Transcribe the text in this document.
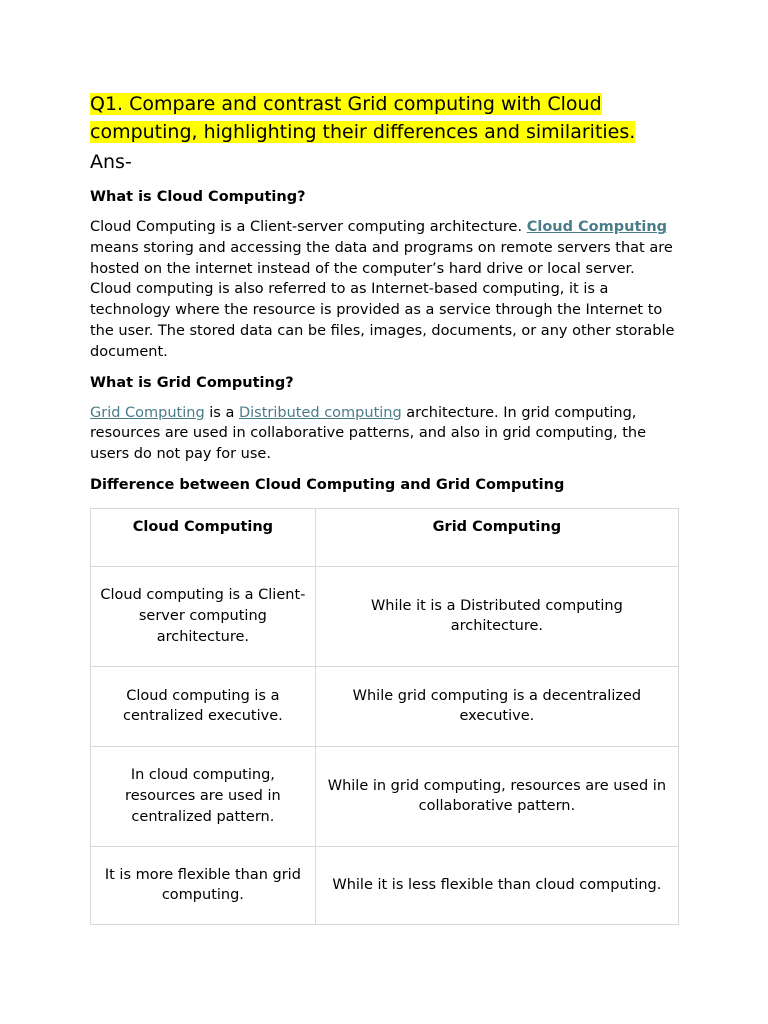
Q1. Compare and contrast Grid computing with Cloud computing, highlighting their differences and similarities.

Ans-

What is Cloud Computing?

Cloud Computing is a Client-server computing architecture. Cloud Computing means storing and accessing the data and programs on remote servers that are hosted on the internet instead of the computer’s hard drive or local server. Cloud computing is also referred to as Internet-based computing, it is a technology where the resource is provided as a service through the Internet to the user. The stored data can be files, images, documents, or any other storable document.

What is Grid Computing?

Grid Computing is a Distributed computing architecture. In grid computing, resources are used in collaborative patterns, and also in grid computing, the users do not pay for use.

Difference between Cloud Computing and Grid Computing
Cloud Computing	Grid Computing
Cloud computing is a Client-server computing architecture.	While it is a Distributed computing architecture.
Cloud computing is a centralized executive.	While grid computing is a decentralized executive.
In cloud computing, resources are used in centralized pattern.	While in grid computing, resources are used in collaborative pattern.
It is more flexible than grid computing.	While it is less flexible than cloud computing.
